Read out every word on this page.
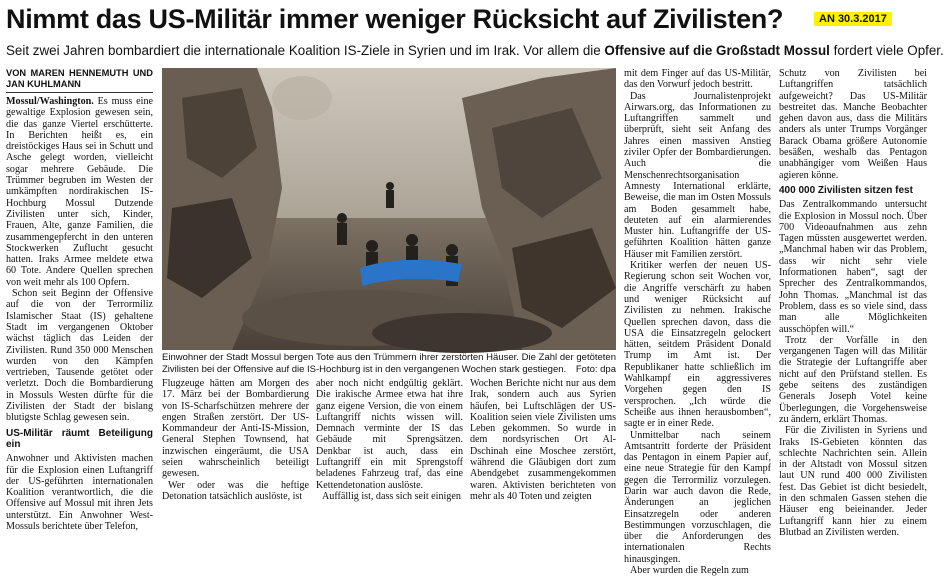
Nimmt das US-Militär immer weniger Rücksicht auf Zivilisten?	AN 30.3.2017
Seit zwei Jahren bombardiert die internationale Koalition IS-Ziele in Syrien und im Irak. Vor allem die Offensive auf die Großstadt Mossul fordert viele Opfer.
VON MAREN HENNEMUTH UND JAN KUHLMANN

Mossul/Washington. Es muss eine gewaltige Explosion gewesen sein, die das ganze Viertel erschütterte. In Berichten heißt es, ein dreistöckiges Haus sei in Schutt und Asche gelegt worden, vielleicht sogar mehrere Gebäude. Die Trümmer begruben im Westen der umkämpften nordirakischen IS-Hochburg Mossul Dutzende Zivilisten unter sich, Kinder, Frauen, Alte, ganze Familien, die zusammengepfercht in den unteren Stockwerken Zuflucht gesucht hatten. Iraks Armee meldete etwa 60 Tote. Andere Quellen sprechen von weit mehr als 100 Opfern.

Schon seit Beginn der Offensive auf die von der Terrormiliz Islamischer Staat (IS) gehaltene Stadt im vergangenen Oktober wächst täglich das Leiden der Zivilisten. Rund 350 000 Menschen wurden von den Kämpfen vertrieben, Tausende getötet oder verletzt. Doch die Bombardierung in Mossuls Westen dürfte für die Zivilisten der Stadt der bislang blutigste Schlag gewesen sein.

US-Militär räumt Beteiligung ein

Anwohner und Aktivisten machen für die Explosion einen Luftangriff der US-geführten internationalen Koalition verantwortlich, die die Offensive auf Mossul mit ihren Jets unterstützt. Ein Anwohner West-Mossuls berichtete über Telefon,

Einwohner der Stadt Mossul bergen Tote aus den Trümmern ihrer zerstörten Häuser. Die Zahl der getöteten Zivilisten bei der Offensive auf die IS-Hochburg ist in den vergangenen Wochen stark gestiegen. Foto: dpa

Flugzeuge hätten am Morgen des 17. März bei der Bombardierung von IS-Scharfschützen mehrere der engen Straßen zerstört. Der US-Kommandeur der Anti-IS-Mission, General Stephen Townsend, hat inzwischen eingeräumt, die USA seien wahrscheinlich beteiligt gewesen.

Wer oder was die heftige Detonation tatsächlich auslöste, ist

aber noch nicht endgültig geklärt. Die irakische Armee etwa hat ihre ganz eigene Version, die von einem Luftangriff nichts wissen will. Demnach verminte der IS das Gebäude mit Sprengsätzen. Denkbar ist auch, dass ein Luftangriff ein mit Sprengstoff beladenes Fahrzeug traf, das eine Kettendetonation auslöste.

Auffällig ist, dass sich seit einigen

Wochen Berichte nicht nur aus dem Irak, sondern auch aus Syrien häufen, bei Luftschlägen der US-Koalition seien viele Zivilisten ums Leben gekommen. So wurde in dem nordsyrischen Ort Al-Dschinah eine Moschee zerstört, während die Gläubigen dort zum Abendgebet zusammengekommen waren. Aktivisten berichteten von mehr als 40 Toten und zeigten

mit dem Finger auf das US-Militär, das den Vorwurf jedoch bestritt.

Das Journalistenprojekt Airwars.org, das Informationen zu Luftangriffen sammelt und überprüft, sieht seit Anfang des Jahres einen massiven Anstieg ziviler Opfer der Bombardierungen. Auch die Menschenrechtsorganisation Amnesty International erklärte, Beweise, die man im Osten Mossuls am Boden gesammelt habe, deuteten auf ein alarmierendes Muster hin. Luftangriffe der US-geführten Koalition hätten ganze Häuser mit Familien zerstört.

Kritiker werfen der neuen US-Regierung schon seit Wochen vor, die Angriffe verschärft zu haben und weniger Rücksicht auf Zivilisten zu nehmen. Irakische Quellen sprechen davon, dass die USA die Einsatzregeln gelockert hätten, seitdem Präsident Donald Trump im Amt ist. Der Republikaner hatte schließlich im Wahlkampf ein aggressiveres Vorgehen gegen den IS versprochen. „Ich würde die Scheiße aus ihnen herausbomben“, sagte er in einer Rede.

Unmittelbar nach seinem Amtsantritt forderte der Präsident das Pentagon in einem Papier auf, eine neue Strategie für den Kampf gegen die Terrormiliz vorzulegen. Darin war auch davon die Rede, Änderungen an jeglichen Einsatzregeln oder anderen Bestimmungen vorzuschlagen, die über die Anforderungen des internationalen Rechts hinausgingen.

Aber wurden die Regeln zum

Schutz von Zivilisten bei Luftangriffen tatsächlich aufgeweicht? Das US-Militär bestreitet das. Manche Beobachter gehen davon aus, dass die Militärs anders als unter Trumps Vorgänger Barack Obama größere Autonomie besäßen, weshalb das Pentagon unabhängiger vom Weißen Haus agieren könne.

400 000 Zivilisten sitzen fest

Das Zentralkommando untersucht die Explosion in Mossul noch. Über 700 Videoaufnahmen aus zehn Tagen müssten ausgewertet werden. „Manchmal haben wir das Problem, dass wir nicht sehr viele Informationen haben“, sagt der Sprecher des Zentralkommandos, John Thomas. „Manchmal ist das Problem, dass es so viele sind, dass man alle Möglichkeiten ausschöpfen will.“

Trotz der Vorfälle in den vergangenen Tagen will das Militär die Strategie der Luftangriffe aber nicht auf den Prüfstand stellen. Es gebe seitens des zuständigen Generals Joseph Votel keine Überlegungen, die Vorgehensweise zu ändern, erklärt Thomas.

Für die Zivilisten in Syriens und Iraks IS-Gebieten könnten das schlechte Nachrichten sein. Allein in der Altstadt von Mossul sitzen laut UN rund 400 000 Zivilisten fest. Das Gebiet ist dicht besiedelt, in den schmalen Gassen stehen die Häuser eng beieinander. Jeder Luftangriff kann hier zu einem Blutbad an Zivilisten werden.
